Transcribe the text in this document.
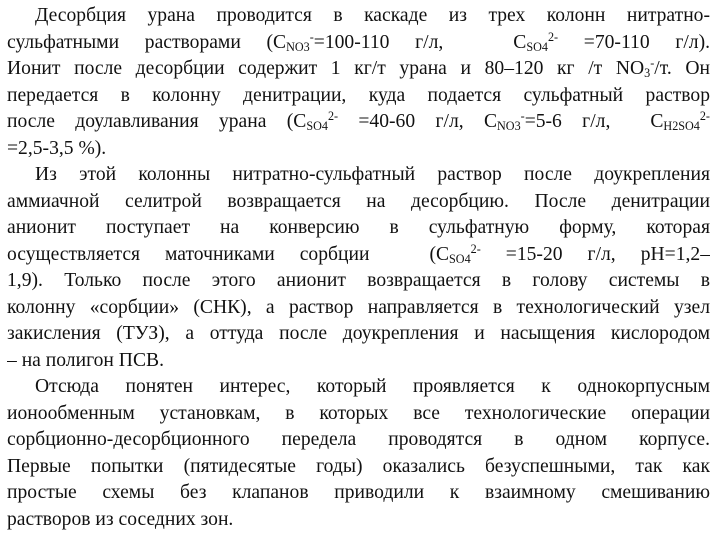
Десорбция урана проводится в каскаде из трех колонн нитратно-
сульфатными растворами ($С_{NO3}^-=100-110$ г/л,	$С_{SO4}^{2-} =70-110$ г/л).
Ионит после десорбции содержит 1 кг/т урана и 80–120 кг /т $NO_3^-/т$. Он
передается в колонну денитрации, куда подается сульфатный раствор
после доулавливания урана ($С_{SO4}^{2-} =40-60$ г/л, $С_{NO3}^-=5-6$ г/л, $С_{H2SO4}^{2-}$
=2,5-3,5 %).
Из этой колонны нитратно-сульфатный раствор после доукрепления
аммиачной селитрой возвращается на десорбцию. После денитрации
анионит поступает на конверсию в сульфатную форму, которая
осуществляется маточниками сорбции	($С_{SO4}^{2-} =15-20$ г/л, рН=1,2–
1,9). Только после этого анионит возвращается в голову системы в
колонну «сорбции» (СНК), а раствор направляется в технологический узел
закисления (ТУЗ), а оттуда после доукрепления и насыщения кислородом
– на полигон ПСВ.
Отсюда понятен интерес, который проявляется к однокорпусным
ионообменным установкам, в которых все технологические операции
сорбционно-десорбционного передела проводятся в одном корпусе.
Первые попытки (пятидесятые годы) оказались безуспешными, так как
простые схемы без клапанов приводили к взаимному смешиванию
растворов из соседних зон.
